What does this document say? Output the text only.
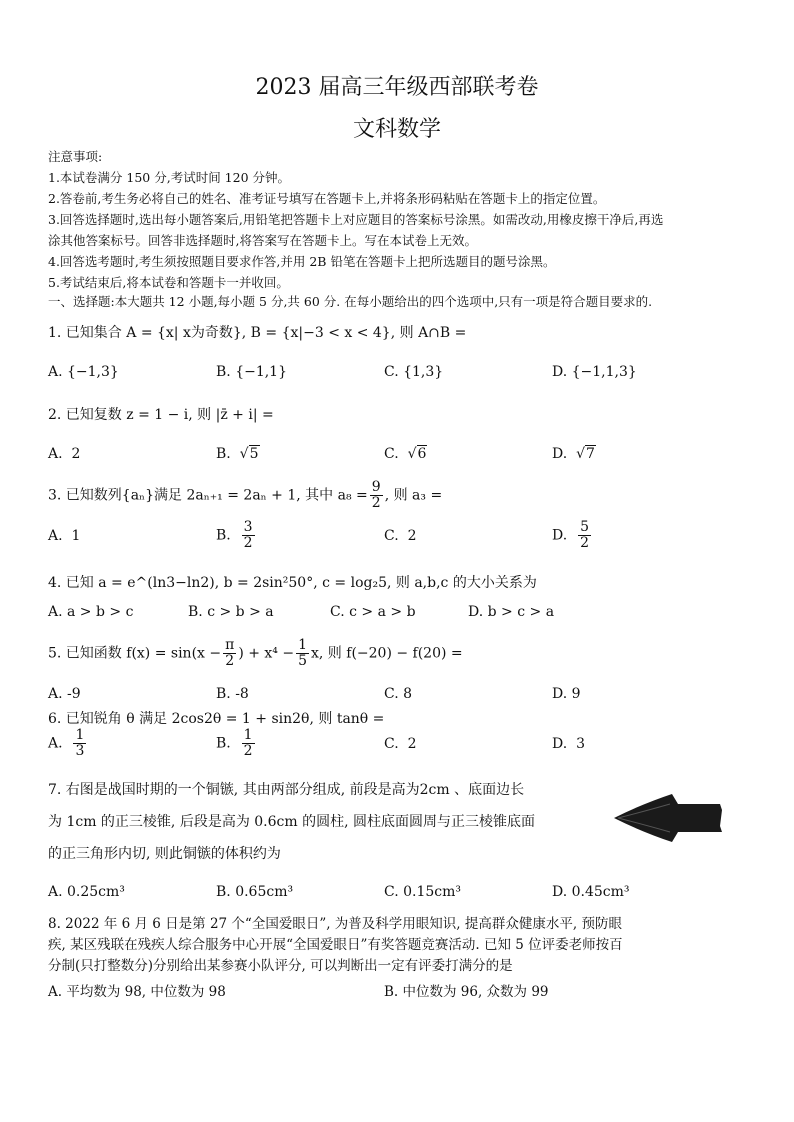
2023 届高三年级西部联考卷
文科数学
注意事项:
1.本试卷满分 150 分,考试时间 120 分钟。
2.答卷前,考生务必将自己的姓名、准考证号填写在答题卡上,并将条形码粘贴在答题卡上的指定位置。
3.回答选择题时,选出每小题答案后,用铅笔把答题卡上对应题目的答案标号涂黑。如需改动,用橡皮擦干净后,再选
涂其他答案标号。回答非选择题时,将答案写在答题卡上。写在本试卷上无效。
4.回答选考题时,考生须按照题目要求作答,并用 2B 铅笔在答题卡上把所选题目的题号涂黑。
5.考试结束后,将本试卷和答题卡一并收回。
一、选择题:本大题共 12 小题,每小题 5 分,共 60 分. 在每小题给出的四个选项中,只有一项是符合题目要求的.
1. 已知集合 A = {x| x为奇数}, B = {x|−3 < x < 4}, 则 A∩B =
A. {−1,3}	B. {−1,1}	C. {1,3}	D. {−1,1,3}
2. 已知复数 z = 1 − i, 则 |z̄ + i| =
A. 2	B. √5	C. √6	D. √7
3. 已知数列{aₙ}满足 2aₙ₊₁ = 2aₙ + 1, 其中 $a_8 = \frac{9}{2}$ , 则 a₃ =
A. 1	B. $\frac{3}{2}$	C. 2	D. $\frac{5}{2}$
4. 已知 a = e^(ln3−ln2), b = 2sin²50°, c = log₂5, 则 a,b,c 的大小关系为
A. a > b > c	B. c > b > a	C. c > a > b	D. b > c > a
5. 已知函数 $f(x) = \sin(x - \frac{\pi}{2}$ ) + $x^4 - \frac{1}{5} x$, 则 f(−20) − f(20) =
A. -9	B. -8	C. 8	D. 9
6. 已知锐角 θ 满足 2cos2θ = 1 + sin2θ, 则 tanθ =
A. $\frac{1}{3}$	B. $\frac{1}{2}$	C. 2	D. 3
7. 右图是战国时期的一个铜镞, 其由两部分组成, 前段是高为2cm 、底面边长
为 1cm 的正三棱锥, 后段是高为 0.6cm 的圆柱, 圆柱底面圆周与正三棱锥底面
的正三角形内切, 则此铜镞的体积约为
A. 0.25cm³	B. 0.65cm³	C. 0.15cm³	D. 0.45cm³
8. 2022 年 6 月 6 日是第 27 个“全国爱眼日”, 为普及科学用眼知识, 提高群众健康水平, 预防眼
疾, 某区残联在残疾人综合服务中心开展“全国爱眼日”有奖答题竞赛活动. 已知 5 位评委老师按百
分制(只打整数分)分别给出某参赛小队评分, 可以判断出一定有评委打满分的是
A. 平均数为 98, 中位数为 98	B. 中位数为 96, 众数为 99
